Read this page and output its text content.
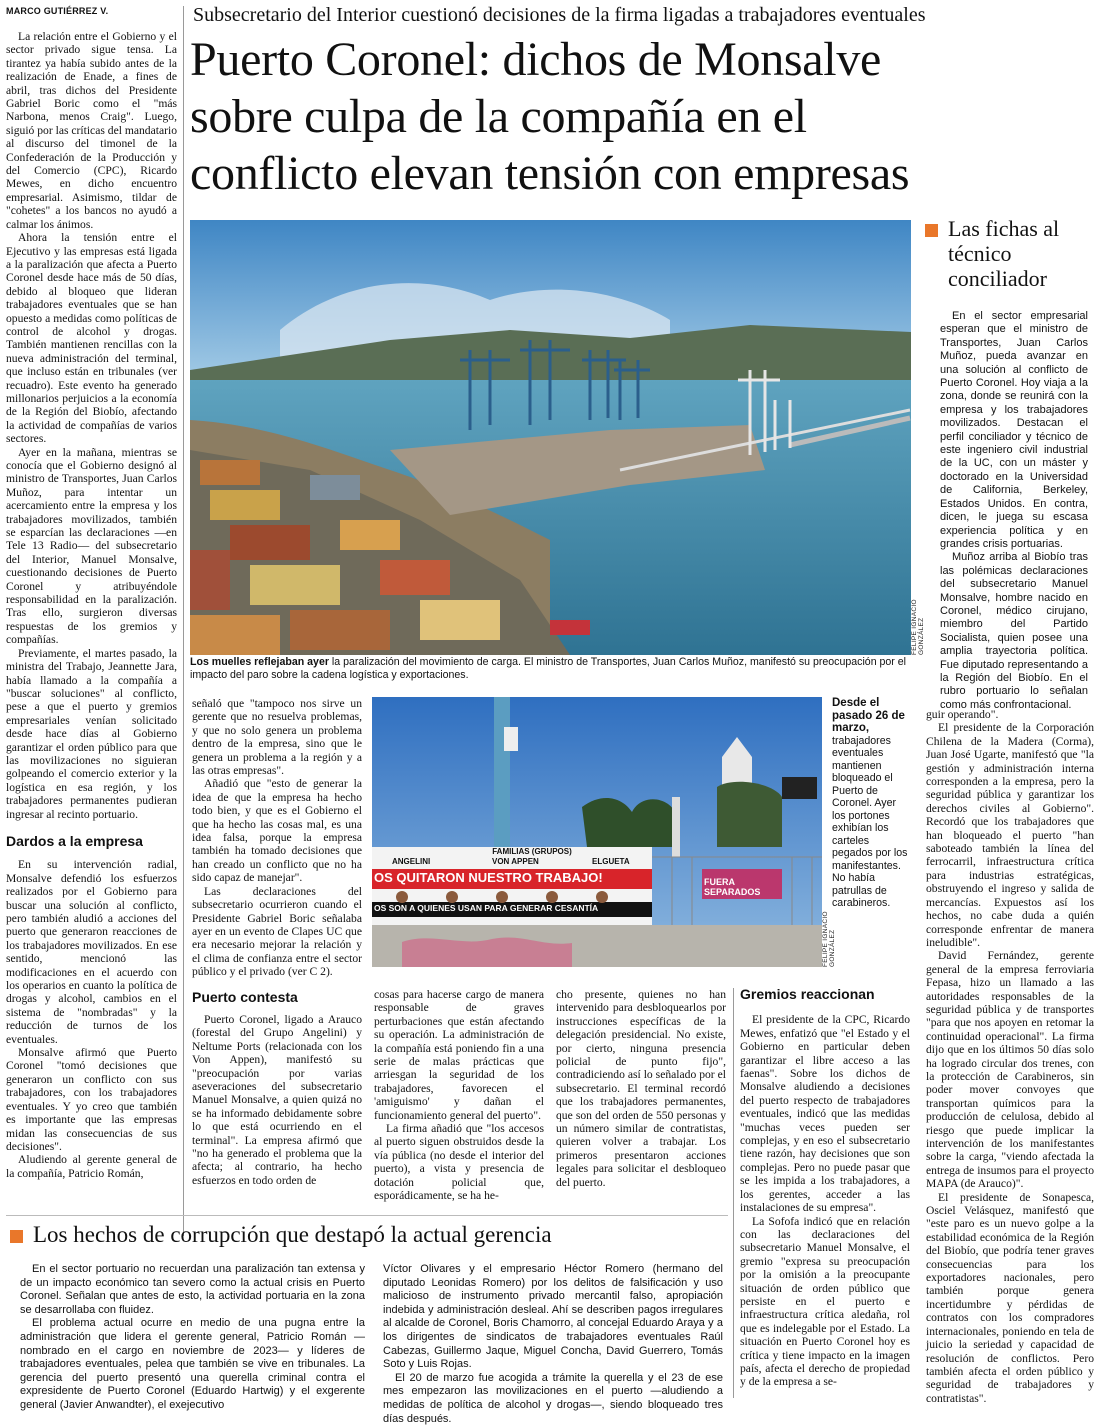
MARCO GUTIÉRREZ V.	Subsecretario del Interior cuestionó decisiones de la firma ligadas a trabajadores eventuales
Puerto Coronel: dichos de Monsalve
sobre culpa de la compañía en el
conflicto elevan tensión con empresas

La relación entre el Gobierno y el sector privado sigue tensa. La tirantez ya había subido antes de la realización de Enade, a fines de abril, tras dichos del Presidente Gabriel Boric como el "más Narbona, menos Craig". Luego, siguió por las críticas del mandatario al discurso del timonel de la Confederación de la Producción y del Comercio (CPC), Ricardo Mewes, en dicho encuentro empresarial. Asimismo, tildar de "cohetes" a los bancos no ayudó a calmar los ánimos.

Ahora la tensión entre el Ejecutivo y las empresas está ligada a la paralización que afecta a Puerto Coronel desde hace más de 50 días, debido al bloqueo que lideran trabajadores eventuales que se han opuesto a medidas como políticas de control de alcohol y drogas. También mantienen rencillas con la nueva administración del terminal, que incluso están en tribunales (ver recuadro). Este evento ha generado millonarios perjuicios a la economía de la Región del Biobío, afectando la actividad de compañías de varios sectores.

Ayer en la mañana, mientras se conocía que el Gobierno designó al ministro de Transportes, Juan Carlos Muñoz, para intentar un acercamiento entre la empresa y los trabajadores movilizados, también se esparcían las declaraciones —en Tele 13 Radio— del subsecretario del Interior, Manuel Monsalve, cuestionando decisiones de Puerto Coronel y atribuyéndole responsabilidad en la paralización. Tras ello, surgieron diversas respuestas de los gremios y compañías.

Previamente, el martes pasado, la ministra del Trabajo, Jeannette Jara, había llamado a la compañía a "buscar soluciones" al conflicto, pese a que el puerto y gremios empresariales venían solicitado desde hace días al Gobierno garantizar el orden público para que las movilizaciones no siguieran golpeando el comercio exterior y la logística en esa región, y los trabajadores permanentes pudieran ingresar al recinto portuario.

Dardos a la empresa

En su intervención radial, Monsalve defendió los esfuerzos realizados por el Gobierno para buscar una solución al conflicto, pero también aludió a acciones del puerto que generaron reacciones de los trabajadores movilizados. En ese sentido, mencionó las modificaciones en el acuerdo con los operarios en cuanto la política de drogas y alcohol, cambios en el sistema de "nombradas" y la reducción de turnos de los eventuales.

Monsalve afirmó que Puerto Coronel "tomó decisiones que generaron un conflicto con sus trabajadores, con los trabajadores eventuales. Y yo creo que también es importante que las empresas midan las consecuencias de sus decisiones".

Aludiendo al gerente general de la compañía, Patricio Román,

FELIPE IGNACIO GONZÁLEZ
Los muelles reflejaban ayer la paralización del movimiento de carga. El ministro de Transportes, Juan Carlos Muñoz, manifestó su preocupación por el impacto del paro sobre la cadena logística y exportaciones.
Las fichas al
técnico
conciliador

En el sector empresarial esperan que el ministro de Transportes, Juan Carlos Muñoz, pueda avanzar en una solución al conflicto de Puerto Coronel. Hoy viaja a la zona, donde se reunirá con la empresa y los trabajadores movilizados. Destacan el perfil conciliador y técnico de este ingeniero civil industrial de la UC, con un máster y doctorado en la Universidad de California, Berkeley, Estados Unidos. En contra, dicen, le juega su escasa experiencia política y en grandes crisis portuarias.

Muñoz arriba al Biobío tras las polémicas declaraciones del subsecretario Manuel Monsalve, hombre nacido en Coronel, médico cirujano, miembro del Partido Socialista, quien posee una amplia trayectoria política. Fue diputado representando a la Región del Biobío. En el rubro portuario lo señalan como más confrontacional.

señaló que "tampoco nos sirve un gerente que no resuelva problemas, y que no solo genera un problema dentro de la empresa, sino que le genera un problema a la región y a las otras empresas".

Añadió que "esto de generar la idea de que la empresa ha hecho todo bien, y que es el Gobierno el que ha hecho las cosas mal, es una idea falsa, porque la empresa también ha tomado decisiones que han creado un conflicto que no ha sido capaz de manejar".

Las declaraciones del subsecretario ocurrieron cuando el Presidente Gabriel Boric señalaba ayer en un evento de Clapes UC que era necesario mejorar la relación y el clima de confianza entre el sector público y el privado (ver C 2).

Puerto contesta

Puerto Coronel, ligado a Arauco (forestal del Grupo Angelini) y Neltume Ports (relacionada con los Von Appen), manifestó su "preocupación por varias aseveraciones del subsecretario Manuel Monsalve, a quien quizá no se ha informado debidamente sobre lo que está ocurriendo en el terminal". La empresa afirmó que "no ha generado el problema que la afecta; al contrario, ha hecho esfuerzos en todo orden de

FAMILIAS (GRUPOS)
ANGELINI	VON APPEN	ELGUETA
OS QUITARON NUESTRO TRABAJO!
OS SON A QUIENES USAN PARA GENERAR CESANTÍA
FUERA SEPARADOS
FELIPE IGNACIO GONZÁLEZ
Desde el pasado 26 de marzo, trabajadores eventuales mantienen bloqueado el Puerto de Coronel. Ayer los portones exhibían los carteles pegados por los manifestantes. No había patrullas de carabineros.

cosas para hacerse cargo de manera responsable de graves perturbaciones que están afectando su operación. La administración de la compañía está poniendo fin a una serie de malas prácticas que arriesgan la seguridad de los trabajadores, favorecen el 'amiguismo' y dañan el funcionamiento general del puerto".

La firma añadió que "los accesos al puerto siguen obstruidos desde la vía pública (no desde el interior del puerto), a vista y presencia de dotación policial que, esporádicamente, se ha he-

cho presente, quienes no han intervenido para desbloquearlos por instrucciones específicas de la delegación presidencial. No existe, por cierto, ninguna presencia policial de punto fijo", contradiciendo así lo señalado por el subsecretario. El terminal recordó que los trabajadores permanentes, que son del orden de 550 personas y un número similar de contratistas, quieren volver a trabajar. Los primeros presentaron acciones legales para solicitar el desbloqueo del puerto.

Gremios reaccionan

El presidente de la CPC, Ricardo Mewes, enfatizó que "el Estado y el Gobierno en particular deben garantizar el libre acceso a las faenas". Sobre los dichos de Monsalve aludiendo a decisiones del puerto respecto de trabajadores eventuales, indicó que las medidas "muchas veces pueden ser complejas, y en eso el subsecretario tiene razón, hay decisiones que son complejas. Pero no puede pasar que se les impida a los trabajadores, a los gerentes, acceder a las instalaciones de su empresa".

La Sofofa indicó que en relación con las declaraciones del subsecretario Manuel Monsalve, el gremio "expresa su preocupación por la omisión a la preocupante situación de orden público que persiste en el puerto e infraestructura crítica aledaña, rol que es indelegable por el Estado. La situación en Puerto Coronel hoy es crítica y tiene impacto en la imagen país, afecta el derecho de propiedad y de la empresa a se-

guir operando".

El presidente de la Corporación Chilena de la Madera (Corma), Juan José Ugarte, manifestó que "la gestión y administración interna corresponden a la empresa, pero la seguridad pública y garantizar los derechos civiles al Gobierno". Recordó que los trabajadores que han bloqueado el puerto "han saboteado también la línea del ferrocarril, infraestructura crítica para industrias estratégicas, obstruyendo el ingreso y salida de mercancías. Expuestos así los hechos, no cabe duda a quién corresponde enfrentar de manera ineludible".

David Fernández, gerente general de la empresa ferroviaria Fepasa, hizo un llamado a las autoridades responsables de la seguridad pública y de transportes "para que nos apoyen en retomar la continuidad operacional". La firma dijo que en los últimos 50 días solo ha logrado circular dos trenes, con la protección de Carabineros, sin poder mover convoyes que transportan químicos para la producción de celulosa, debido al riesgo que puede implicar la intervención de los manifestantes sobre la carga, "viendo afectada la entrega de insumos para el proyecto MAPA (de Arauco)".

El presidente de Sonapesca, Osciel Velásquez, manifestó que "este paro es un nuevo golpe a la estabilidad económica de la Región del Biobío, que podría tener graves consecuencias para los exportadores nacionales, pero también porque genera incertidumbre y pérdidas de contratos con los compradores internacionales, poniendo en tela de juicio la seriedad y capacidad de resolución de conflictos. Pero también afecta el orden público y seguridad de trabajadores y contratistas".

Los hechos de corrupción que destapó la actual gerencia

En el sector portuario no recuerdan una paralización tan extensa y de un impacto económico tan severo como la actual crisis en Puerto Coronel. Señalan que antes de esto, la actividad portuaria en la zona se desarrollaba con fluidez.

El problema actual ocurre en medio de una pugna entre la administración que lidera el gerente general, Patricio Román —nombrado en el cargo en noviembre de 2023— y líderes de trabajadores eventuales, pelea que también se vive en tribunales. La gerencia del puerto presentó una querella criminal contra el expresidente de Puerto Coronel (Eduardo Hartwig) y el exgerente general (Javier Anwandter), el exejecutivo

Víctor Olivares y el empresario Héctor Romero (hermano del diputado Leonidas Romero) por los delitos de falsificación y uso malicioso de instrumento privado mercantil falso, apropiación indebida y administración desleal. Ahí se describen pagos irregulares al alcalde de Coronel, Boris Chamorro, al concejal Eduardo Araya y a los dirigentes de sindicatos de trabajadores eventuales Raúl Cabezas, Guillermo Jaque, Miguel Concha, David Guerrero, Tomás Soto y Luis Rojas.

El 20 de marzo fue acogida a trámite la querella y el 23 de ese mes empezaron las movilizaciones en el puerto —aludiendo a medidas de política de alcohol y drogas—, siendo bloqueado tres días después.
